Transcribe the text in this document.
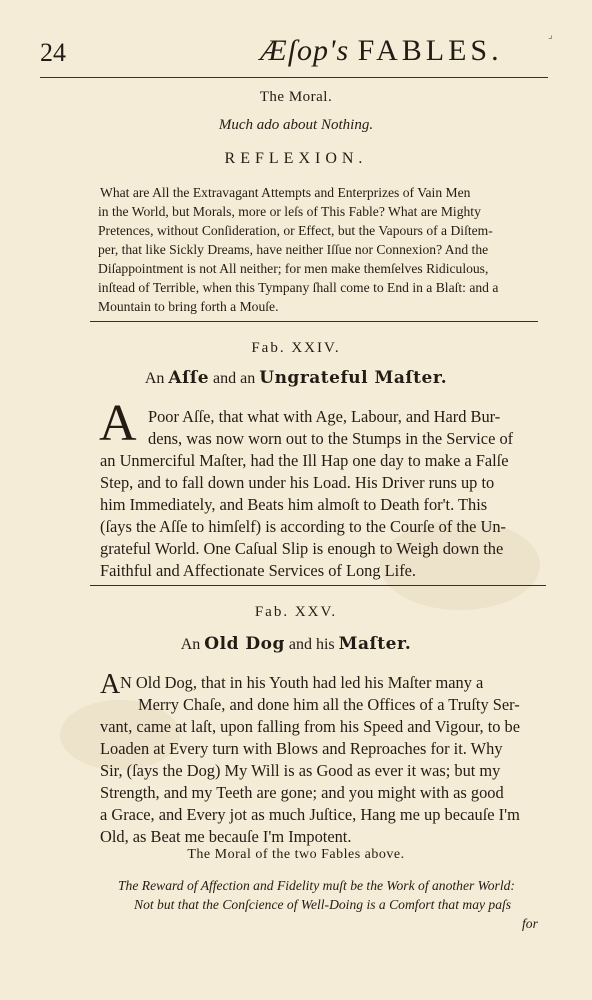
24	Æſop's FABLES.	⌟
The Moral.
Much ado about Nothing.
REFLEXION.
What are All the Extravagant Attempts and Enterprizes of Vain Men
in the World, but Morals, more or leſs of This Fable? What are Mighty
Pretences, without Conſideration, or Effect, but the Vapours of a Diſtem-
per, that like Sickly Dreams, have neither Iſſue nor Connexion? And the
Diſappointment is not All neither; for men make themſelves Ridiculous,
inſtead of Terrible, when this Tympany ſhall come to End in a Blaſt: and a
Mountain to bring forth a Mouſe.
Fab. XXIV.
An Aſſe and an Ungrateful Maſter.
A Poor Aſſe, that what with Age, Labour, and Hard Bur-
dens, was now worn out to the Stumps in the Service of
an Unmerciful Maſter, had the Ill Hap one day to make a Falſe
Step, and to fall down under his Load. His Driver runs up to
him Immediately, and Beats him almoſt to Death for't. This
(ſays the Aſſe to himſelf) is according to the Courſe of the Un-
grateful World. One Caſual Slip is enough to Weigh down the
Faithful and Affectionate Services of Long Life.
Fab. XXV.
An Old Dog and his Maſter.
A N Old Dog, that in his Youth had led his Maſter many a
Merry Chaſe, and done him all the Offices of a Truſty Ser-
vant, came at laſt, upon falling from his Speed and Vigour, to be
Loaden at Every turn with Blows and Reproaches for it. Why
Sir, (ſays the Dog) My Will is as Good as ever it was; but my
Strength, and my Teeth are gone; and you might with as good
a Grace, and Every jot as much Juſtice, Hang me up becauſe I'm
Old, as Beat me becauſe I'm Impotent.
The Moral of the two Fables above.
The Reward of Affection and Fidelity muſt be the Work of another World:
Not but that the Conſcience of Well-Doing is a Comfort that may paſs
for
